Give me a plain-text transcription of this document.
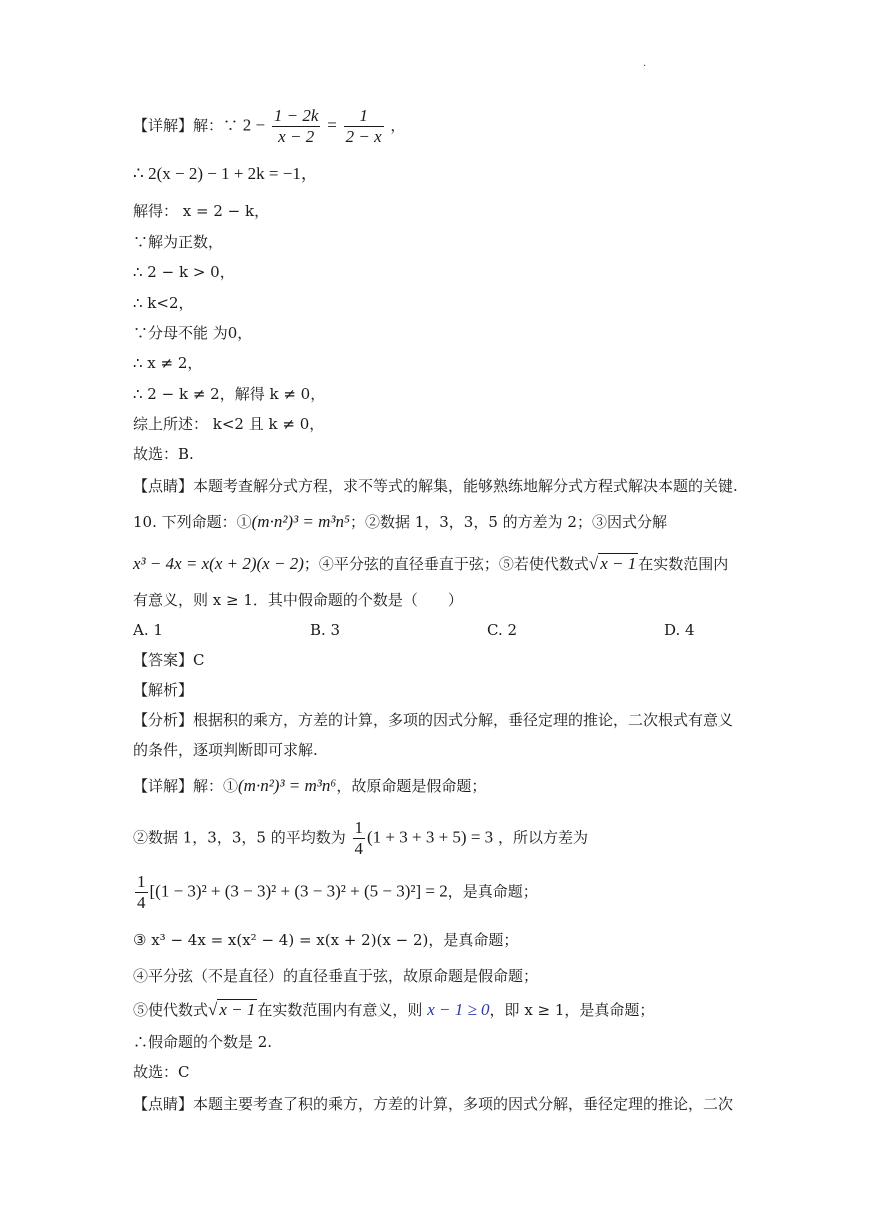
.
【详解】解：∵ $2 - \frac{1 - 2k}{x - 2} = \frac{1}{2 - x}$ ，
∴ 2(x − 2) − 1 + 2k = −1，
解得： x = 2 − k，
∵解为正数，
∴ 2 − k > 0，
∴ k<2，
∵分母不能 为0，
∴ x ≠ 2，
∴ 2 − k ≠ 2，解得 k ≠ 0，
综上所述： k<2 且 k ≠ 0，
故选：B.
【点睛】本题考查解分式方程，求不等式的解集，能够熟练地解分式方程式解决本题的关键.
10. 下列命题：①(m·n²)³ = m³n⁵；②数据 1，3，3，5 的方差为 2；③因式分解
x³ − 4x = x(x + 2)(x − 2)；④平分弦的直径垂直于弦；⑤若使代数式√ x − 1 在实数范围内
有意义，则 x ≥ 1．其中假命题的个数是（　　）
A. 1	B. 3	C. 2	D. 4
【答案】C
【解析】
【分析】根据积的乘方，方差的计算，多项的因式分解，垂径定理的推论，二次根式有意义
的条件，逐项判断即可求解.
【详解】解：①(m·n²)³ = m³n⁶，故原命题是假命题；
②数据 1，3，3，5 的平均数为 $\frac{1}{4} (1 + 3 + 3 + 5) = 3$ ，所以方差为
$\frac{1}{4} [(1 - 3)^2 + (3 - 3)^2 + (3 - 3)^2 + (5 - 3)^2] = 2$，是真命题；
③ x³ − 4x = x(x² − 4) = x(x + 2)(x − 2)，是真命题；
④平分弦（不是直径）的直径垂直于弦，故原命题是假命题；
⑤使代数式√ x − 1 在实数范围内有意义，则 x − 1 ≥ 0，即 x ≥ 1，是真命题；
∴假命题的个数是 2.
故选：C
【点睛】本题主要考查了积的乘方，方差的计算，多项的因式分解，垂径定理的推论，二次
